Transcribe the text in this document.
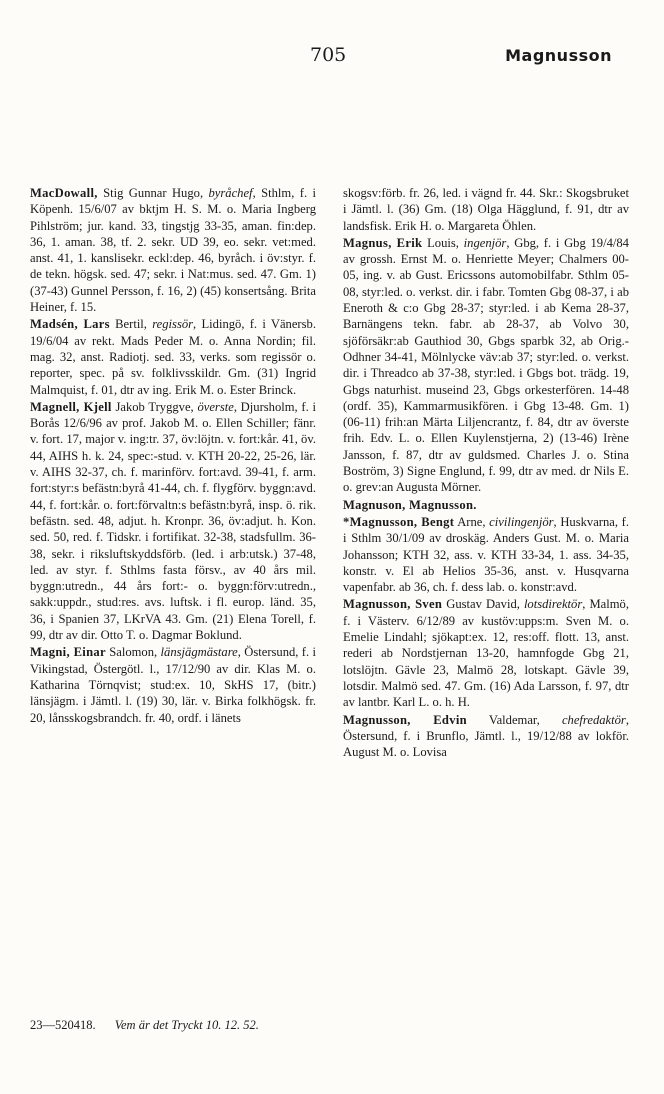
705	Magnusson

MacDowall, Stig Gunnar Hugo, byråchef, Sthlm, f. i Köpenh. 15/6/07 av bktjm H. S. M. o. Maria Ingberg Pihlström; jur. kand. 33, tingstjg 33-35, aman. fin:dep. 36, 1. aman. 38, tf. 2. sekr. UD 39, eo. sekr. vet:med. anst. 41, 1. kanslisekr. eckl:dep. 46, byråch. i öv:styr. f. de tekn. högsk. sed. 47; sekr. i Nat:mus. sed. 47. Gm. 1) (37-43) Gunnel Persson, f. 16, 2) (45) konsertsång. Brita Heiner, f. 15.

Madsén, Lars Bertil, regissör, Lidingö, f. i Vänersb. 19/6/04 av rekt. Mads Peder M. o. Anna Nordin; fil. mag. 32, anst. Radiotj. sed. 33, verks. som regissör o. reporter, spec. på sv. folklivsskildr. Gm. (31) Ingrid Malmquist, f. 01, dtr av ing. Erik M. o. Ester Brinck.

Magnell, Kjell Jakob Tryggve, överste, Djursholm, f. i Borås 12/6/96 av prof. Jakob M. o. Ellen Schiller; fänr. v. fort. 17, major v. ing:tr. 37, öv:löjtn. v. fort:kår. 41, öv. 44, AIHS h. k. 24, spec:-stud. v. KTH 20-22, 25-26, lär. v. AIHS 32-37, ch. f. marinförv. fort:avd. 39-41, f. arm. fort:styr:s befästn:byrå 41-44, ch. f. flygförv. byggn:avd. 44, f. fort:kår. o. fort:förvaltn:s befästn:byrå, insp. ö. rik. befästn. sed. 48, adjut. h. Kronpr. 36, öv:adjut. h. Kon. sed. 50, red. f. Tidskr. i fortifikat. 32-38, stadsfullm. 36-38, sekr. i riksluftskyddsförb. (led. i arb:utsk.) 37-48, led. av styr. f. Sthlms fasta försv., av 40 års mil. byggn:utredn., 44 års fort:- o. byggn:förv:utredn., sakk:uppdr., stud:res. avs. luftsk. i fl. europ. länd. 35, 36, i Spanien 37, LKrVA 43. Gm. (21) Elena Torell, f. 99, dtr av dir. Otto T. o. Dagmar Boklund.

Magni, Einar Salomon, länsjägmästare, Östersund, f. i Vikingstad, Östergötl. l., 17/12/90 av dir. Klas M. o. Katharina Törnqvist; stud:ex. 10, SkHS 17, (bitr.) länsjägm. i Jämtl. l. (19) 30, lär. v. Birka folkhögsk. fr. 20, lånsskogsbrandch. fr. 40, ordf. i länets

skogsv:förb. fr. 26, led. i vägnd fr. 44. Skr.: Skogsbruket i Jämtl. l. (36) Gm. (18) Olga Hägglund, f. 91, dtr av landsfisk. Erik H. o. Margareta Öhlen.

Magnus, Erik Louis, ingenjör, Gbg, f. i Gbg 19/4/84 av grossh. Ernst M. o. Henriette Meyer; Chalmers 00-05, ing. v. ab Gust. Ericssons automobilfabr. Sthlm 05-08, styr:led. o. verkst. dir. i fabr. Tomten Gbg 08-37, i ab Eneroth & c:o Gbg 28-37; styr:led. i ab Kema 28-37, Barnängens tekn. fabr. ab 28-37, ab Volvo 30, sjöförsäkr:ab Gauthiod 30, Gbgs sparbk 32, ab Orig.-Odhner 34-41, Mölnlycke väv:ab 37; styr:led. o. verkst. dir. i Threadco ab 37-38, styr:led. i Gbgs bot. trädg. 19, Gbgs naturhist. museind 23, Gbgs orkesterfören. 14-48 (ordf. 35), Kammarmusikfören. i Gbg 13-48. Gm. 1) (06-11) frih:an Märta Liljencrantz, f. 84, dtr av överste frih. Edv. L. o. Ellen Kuylenstjerna, 2) (13-46) Irène Jansson, f. 87, dtr av guldsmed. Charles J. o. Stina Boström, 3) Signe Englund, f. 99, dtr av med. dr Nils E. o. grev:an Augusta Mörner.

Magnuson, Magnusson.

*Magnusson, Bengt Arne, civilingenjör, Huskvarna, f. i Sthlm 30/1/09 av droskäg. Anders Gust. M. o. Maria Johansson; KTH 32, ass. v. KTH 33-34, 1. ass. 34-35, konstr. v. El ab Helios 35-36, anst. v. Husqvarna vapenfabr. ab 36, ch. f. dess lab. o. konstr:avd.

Magnusson, Sven Gustav David, lotsdirektör, Malmö, f. i Västerv. 6/12/89 av kustöv:upps:m. Sven M. o. Emelie Lindahl; sjökapt:ex. 12, res:off. flott. 13, anst. rederi ab Nordstjernan 13-20, hamnfogde Gbg 21, lotslöjtn. Gävle 23, Malmö 28, lotskapt. Gävle 39, lotsdir. Malmö sed. 47. Gm. (16) Ada Larsson, f. 97, dtr av lantbr. Karl L. o. h. H.

Magnusson, Edvin Valdemar, chefredaktör, Östersund, f. i Brunflo, Jämtl. l., 19/12/88 av lokför. August M. o. Lovisa

23—520418. Vem är det Tryckt 10. 12. 52.
